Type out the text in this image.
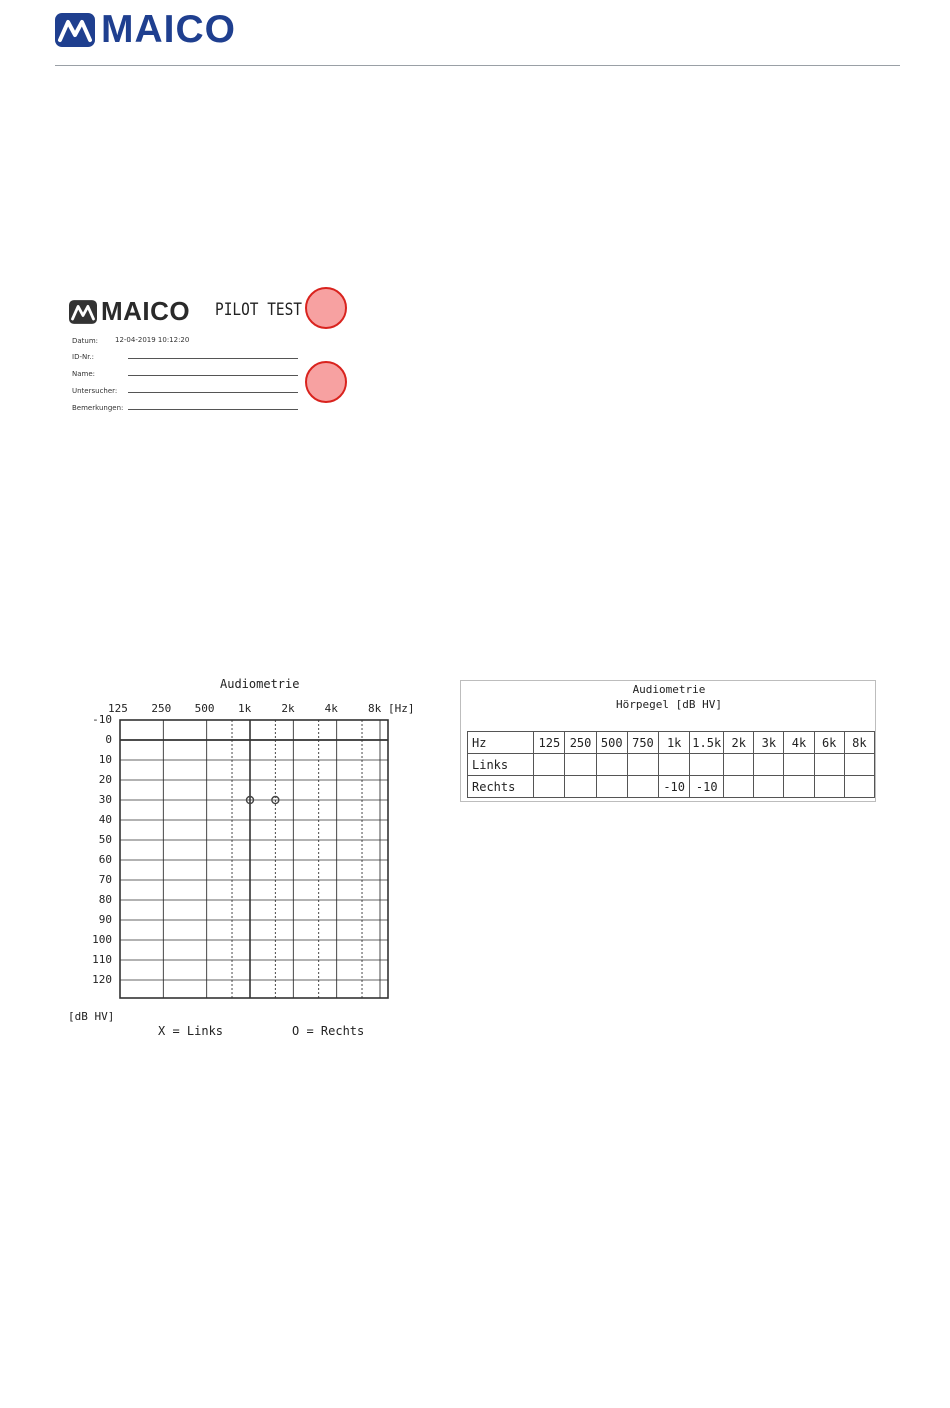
MAICO
MAICO PILOT TEST
Datum: 12-04-2019 10:12:20
ID-Nr.:
Name:
Untersucher:
Bemerkungen:
Audiometrie
125 250 500 1k	2k	4k	8k [Hz]
-10
0
10
20
30
40
50
60
70
80
90
100
110
120
[dB HV]
X = Links	O = Rechts
Audiometrie
Hörpegel [dB HV]
Hz	125	250	500	750	1k	1.5k	2k	3k	4k	6k	8k
Links											
Rechts					-10	-10					
